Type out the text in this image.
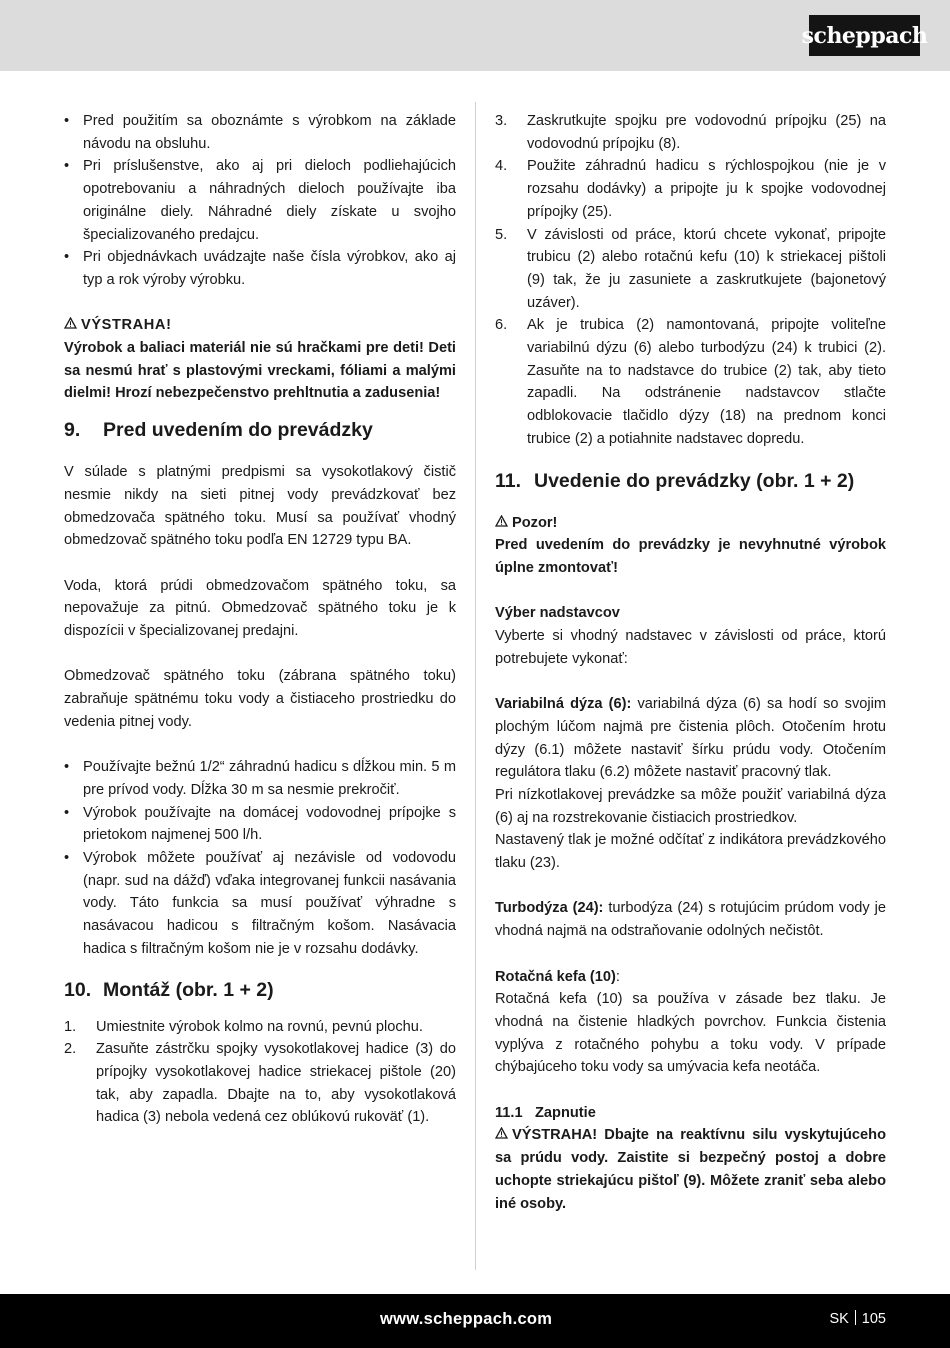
scheppach
• Pred použitím sa oboznámte s výrobkom na základe návodu na obsluhu.
• Pri príslušenstve, ako aj pri dieloch podliehajúcich opotrebovaniu a náhradných dieloch používajte iba originálne diely. Náhradné diely získate u svojho špecializovaného predajcu.
• Pri objednávkach uvádzajte naše čísla výrobkov, ako aj typ a rok výroby výrobku.

VÝSTRAHA!

Výrobok a baliaci materiál nie sú hračkami pre deti! Deti sa nesmú hrať s plastovými vreckami, fóliami a malými dielmi! Hrozí nebezpečenstvo prehltnutia a zadusenia!

9. Pred uvedením do prevádzky

V súlade s platnými predpismi sa vysokotlakový čistič nesmie nikdy na sieti pitnej vody prevádzkovať bez obmedzovača spätného toku. Musí sa používať vhodný obmedzovač spätného toku podľa EN 12729 typu BA.

Voda, ktorá prúdi obmedzovačom spätného toku, sa nepovažuje za pitnú. Obmedzovač spätného toku je k dispozícii v špecializovanej predajni.

Obmedzovač spätného toku (zábrana spätného toku) zabraňuje spätnému toku vody a čistiaceho prostriedku do vedenia pitnej vody.

• Používajte bežnú 1/2“ záhradnú hadicu s dĺžkou min. 5 m pre prívod vody. Dĺžka 30 m sa nesmie prekročiť.
• Výrobok používajte na domácej vodovodnej prípojke s prietokom najmenej 500 l/h.
• Výrobok môžete používať aj nezávisle od vodovodu (napr. sud na dážď) vďaka integrovanej funkcii nasávania vody. Táto funkcia sa musí používať výhradne s nasávacou hadicou s filtračným košom. Nasávacia hadica s filtračným košom nie je v rozsahu dodávky.

10. Montáž (obr. 1 + 2)

1. Umiestnite výrobok kolmo na rovnú, pevnú plochu.
2. Zasuňte zástrčku spojky vysokotlakovej hadice (3) do prípojky vysokotlakovej hadice striekacej pištole (20) tak, aby zapadla. Dbajte na to, aby vysokotlaková hadica (3) nebola vedená cez oblúkovú rukoväť (1).
3. Zaskrutkujte spojku pre vodovodnú prípojku (25) na vodovodnú prípojku (8).
4. Použite záhradnú hadicu s rýchlospojkou (nie je v rozsahu dodávky) a pripojte ju k spojke vodovodnej prípojky (25).
5. V závislosti od práce, ktorú chcete vykonať, pripojte trubicu (2) alebo rotačnú kefu (10) k striekacej pištoli (9) tak, že ju zasuniete a zaskrutkujete (bajonetový uzáver).
6. Ak je trubica (2) namontovaná, pripojte voliteľne variabilnú dýzu (6) alebo turbodýzu (24) k trubici (2). Zasuňte na to nadstavce do trubice (2) tak, aby tieto zapadli. Na odstránenie nadstavcov stlačte odblokovacie tlačidlo dýzy (18) na prednom konci trubice (2) a potiahnite nadstavec dopredu.

11. Uvedenie do prevádzky (obr. 1 + 2)

Pozor!

Pred uvedením do prevádzky je nevyhnutné výrobok úplne zmontovať!

Výber nadstavcov

Vyberte si vhodný nadstavec v závislosti od práce, ktorú potrebujete vykonať:

Variabilná dýza (6): variabilná dýza (6) sa hodí so svojim plochým lúčom najmä pre čistenia plôch. Otočením hrotu dýzy (6.1) môžete nastaviť šírku prúdu vody. Otočením regulátora tlaku (6.2) môžete nastaviť pracovný tlak.

Pri nízkotlakovej prevádzke sa môže použiť variabilná dýza (6) aj na rozstrekovanie čistiacich prostriedkov.

Nastavený tlak je možné odčítať z indikátora prevádzkového tlaku (23).

Turbodýza (24): turbodýza (24) s rotujúcim prúdom vody je vhodná najmä na odstraňovanie odolných nečistôt.

Rotačná kefa (10):

Rotačná kefa (10) sa používa v zásade bez tlaku. Je vhodná na čistenie hladkých povrchov. Funkcia čistenia vyplýva z rotačného pohybu a toku vody. V prípade chýbajúceho toku vody sa umývacia kefa neotáča.

11.1 Zapnutie

VÝSTRAHA! Dbajte na reaktívnu silu vyskytujúceho sa prúdu vody. Zaistite si bezpečný postoj a dobre uchopte striekajúcu pištoľ (9). Môžete zraniť seba alebo iné osoby.

www.scheppach.com	SK 105
